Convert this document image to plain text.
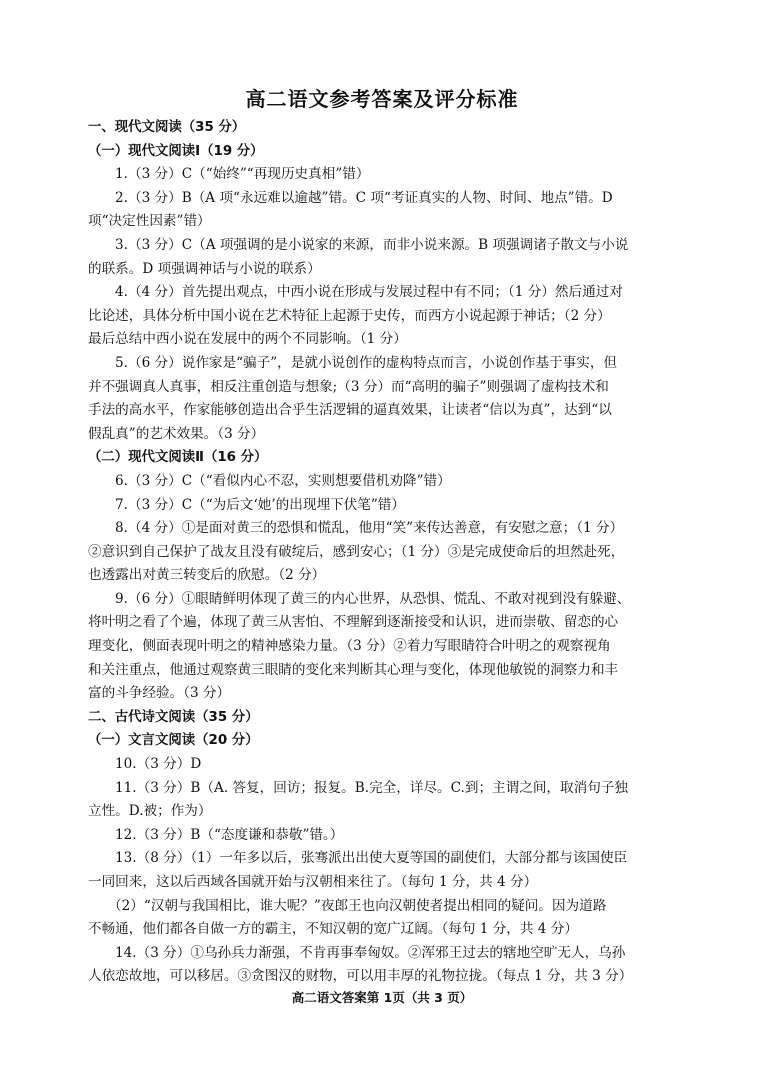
高二语文参考答案及评分标准
一、现代文阅读（35 分）
（一）现代文阅读Ⅰ（19 分）
1.（3 分）C（“始终”“再现历史真相”错）
2.（3 分）B（A 项“永远难以逾越”错。C 项“考证真实的人物、时间、地点”错。D
项“决定性因素”错）
3.（3 分）C（A 项强调的是小说家的来源，而非小说来源。B 项强调诸子散文与小说
的联系。D 项强调神话与小说的联系）
4.（4 分）首先提出观点，中西小说在形成与发展过程中有不同；（1 分）然后通过对
比论述，具体分析中国小说在艺术特征上起源于史传，而西方小说起源于神话；（2 分）
最后总结中西小说在发展中的两个不同影响。（1 分）
5.（6 分）说作家是“骗子”，是就小说创作的虚构特点而言，小说创作基于事实，但
并不强调真人真事，相反注重创造与想象;（3 分）而“高明的骗子”则强调了虚构技术和
手法的高水平，作家能够创造出合乎生活逻辑的逼真效果，让读者“信以为真”，达到“以
假乱真”的艺术效果。（3 分）
（二）现代文阅读Ⅱ（16 分）
6.（3 分）C（“看似内心不忍，实则想要借机劝降”错）
7.（3 分）C（“为后文‘她’的出现埋下伏笔”错）
8.（4 分）①是面对黄三的恐惧和慌乱，他用“笑”来传达善意，有安慰之意；（1 分）
②意识到自己保护了战友且没有破绽后，感到安心；（1 分）③是完成使命后的坦然赴死，
也透露出对黄三转变后的欣慰。（2 分）
9.（6 分）①眼睛鲜明体现了黄三的内心世界，从恐惧、慌乱、不敢对视到没有躲避、
将叶明之看了个遍，体现了黄三从害怕、不理解到逐渐接受和认识，进而崇敬、留恋的心
理变化，侧面表现叶明之的精神感染力量。（3 分）②着力写眼睛符合叶明之的观察视角
和关注重点，他通过观察黄三眼睛的变化来判断其心理与变化，体现他敏锐的洞察力和丰
富的斗争经验。（3 分）
二、古代诗文阅读（35 分）
（一）文言文阅读（20 分）
10.（3 分）D
11.（3 分）B（A. 答复，回访；报复。B.完全，详尽。C.到；主谓之间，取消句子独
立性。D.被；作为）
12.（3 分）B（“态度谦和恭敬”错。）
13.（8 分）（1）一年多以后，张骞派出出使大夏等国的副使们，大部分都与该国使臣
一同回来，这以后西域各国就开始与汉朝相来往了。（每句 1 分，共 4 分）
（2）“汉朝与我国相比，谁大呢？”夜郎王也向汉朝使者提出相同的疑问。因为道路
不畅通，他们都各自做一方的霸主，不知汉朝的宽广辽阔。（每句 1 分，共 4 分）
14.（3 分）①乌孙兵力渐强，不肯再事奉匈奴。②浑邪王过去的辖地空旷无人，乌孙
人依恋故地，可以移居。③贪图汉的财物，可以用丰厚的礼物拉拢。（每点 1 分，共 3 分）
高二语文答案第 1页（共 3 页）
